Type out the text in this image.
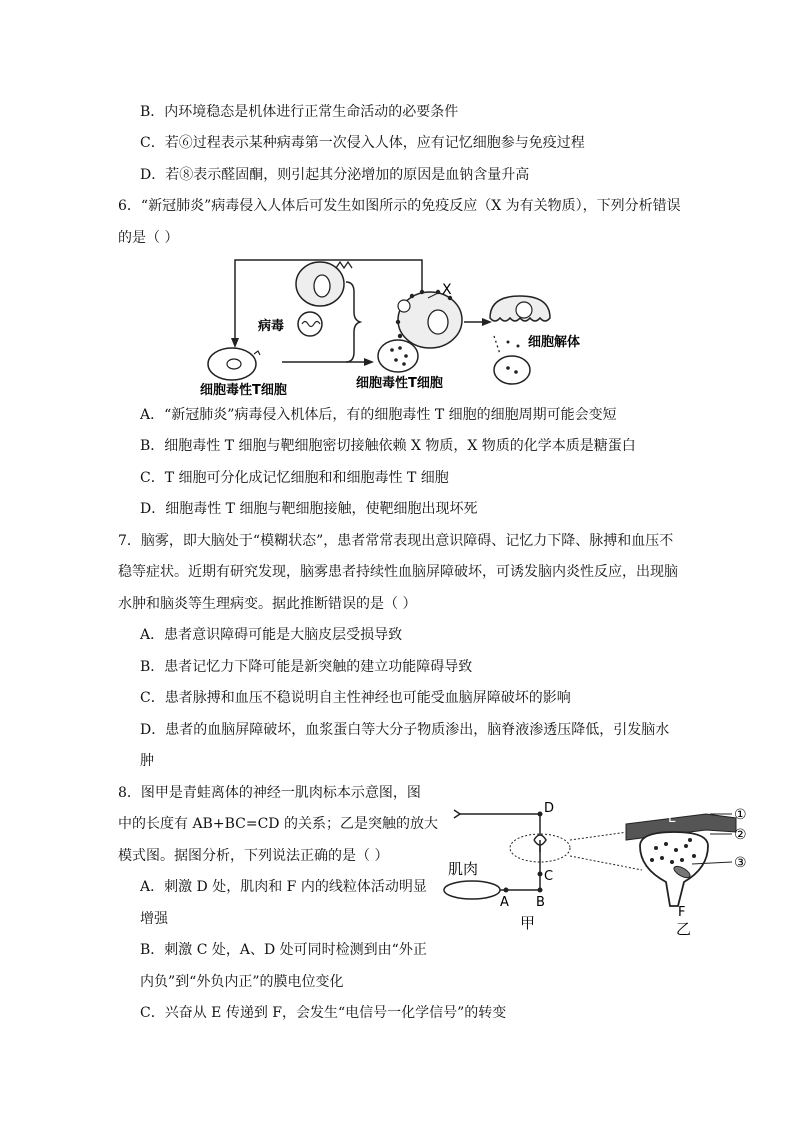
B．内环境稳态是机体进行正常生命活动的必要条件
C．若⑥过程表示某种病毒第一次侵入人体，应有记忆细胞参与免疫过程
D．若⑧表示醛固酮，则引起其分泌增加的原因是血钠含量升高
6．“新冠肺炎”病毒侵入人体后可发生如图所示的免疫反应（X 为有关物质），下列分析错误
的是（ ）
病毒
X
细胞解体
细胞毒性T细胞	细胞毒性T细胞
A．“新冠肺炎”病毒侵入机体后，有的细胞毒性 T 细胞的细胞周期可能会变短
B．细胞毒性 T 细胞与靶细胞密切接触依赖 X 物质，X 物质的化学本质是糖蛋白
C．T 细胞可分化成记忆细胞和和细胞毒性 T 细胞
D．细胞毒性 T 细胞与靶细胞接触，使靶细胞出现坏死
7．脑雾，即大脑处于“模糊状态”，患者常常表现出意识障碍、记忆力下降、脉搏和血压不
稳等症状。近期有研究发现，脑雾患者持续性血脑屏障破坏，可诱发脑内炎性反应，出现脑
水肿和脑炎等生理病变。据此推断错误的是（ ）
A．患者意识障碍可能是大脑皮层受损导致
B．患者记忆力下降可能是新突触的建立功能障碍导致
C．患者脉搏和血压不稳说明自主性神经也可能受血脑屏障破坏的影响
D．患者的血脑屏障破坏，血浆蛋白等大分子物质渗出，脑脊液渗透压降低，引发脑水
肿
8．图甲是青蛙离体的神经一肌肉标本示意图，图
中的长度有 AB+BC=CD 的关系；乙是突触的放大
模式图。据图分析，下列说法正确的是（ ）
A．刺激 D 处，肌肉和 F 内的线粒体活动明显
增强
B．刺激 C 处，A、D 处可同时检测到由“外正
内负”到“外负内正”的膜电位变化
C．兴奋从 E 传递到 F，会发生“电信号一化学信号”的转变
D
C
A B
肌肉
甲
E
F
乙
①
②
③
